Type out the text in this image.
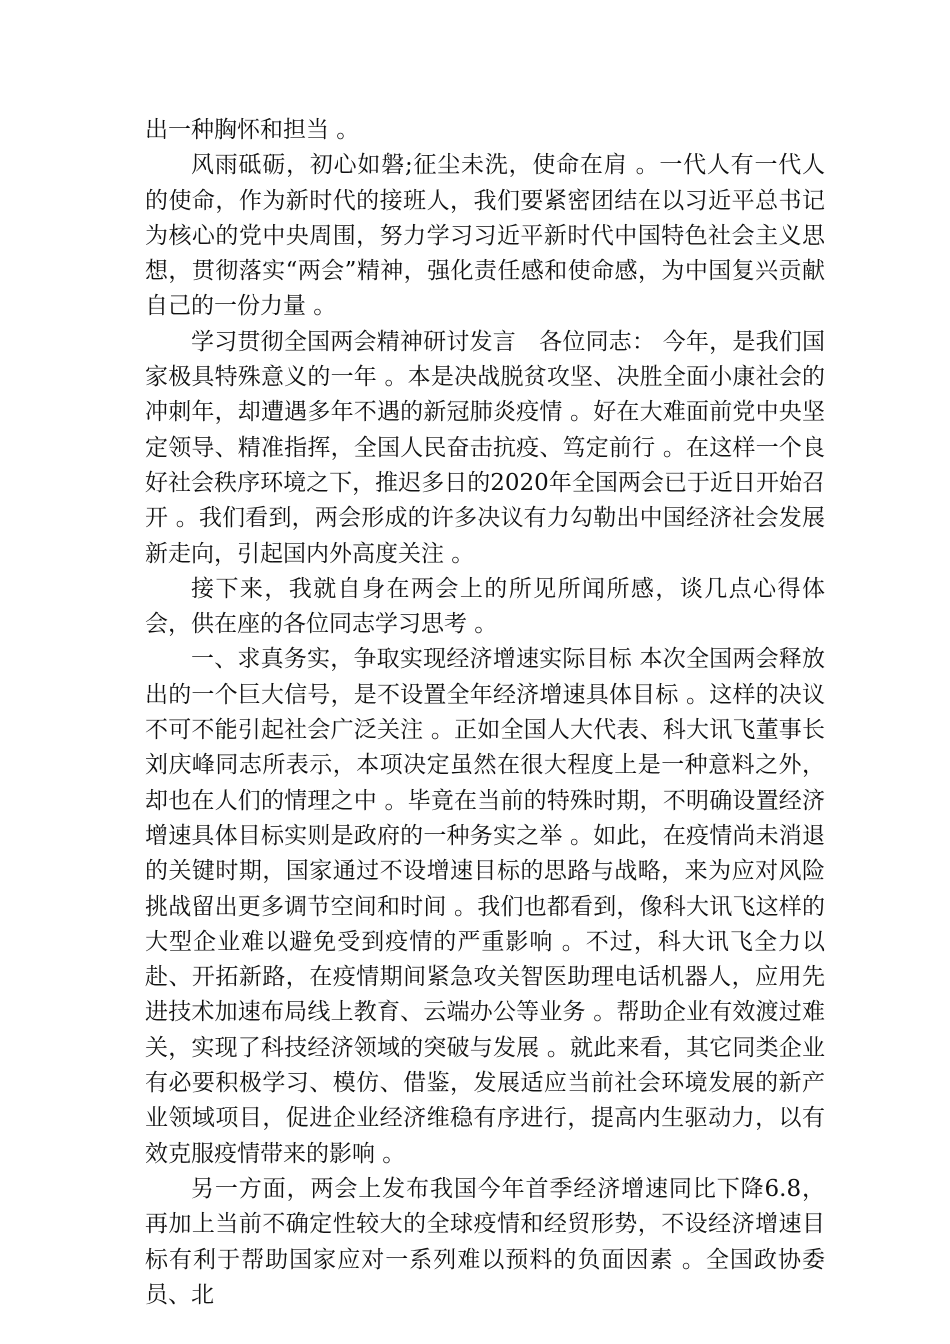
出一种胸怀和担当 。

风雨砥砺，初心如磐;征尘未洗，使命在肩 。一代人有一代人的使命，作为新时代的接班人，我们要紧密团结在以习近平总书记为核心的党中央周围，努力学习习近平新时代中国特色社会主义思想，贯彻落实“两会”精神，强化责任感和使命感，为中国复兴贡献自己的一份力量 。

学习贯彻全国两会精神研讨发言　各位同志： 今年，是我们国家极具特殊意义的一年 。本是决战脱贫攻坚、决胜全面小康社会的冲刺年，却遭遇多年不遇的新冠肺炎疫情 。好在大难面前党中央坚定领导、精准指挥，全国人民奋击抗疫、笃定前行 。在这样一个良好社会秩序环境之下，推迟多日的2020年全国两会已于近日开始召开 。我们看到，两会形成的许多决议有力勾勒出中国经济社会发展新走向，引起国内外高度关注 。

接下来，我就自身在两会上的所见所闻所感，谈几点心得体会，供在座的各位同志学习思考 。

一、求真务实，争取实现经济增速实际目标 本次全国两会释放出的一个巨大信号，是不设置全年经济增速具体目标 。这样的决议不可不能引起社会广泛关注 。正如全国人大代表、科大讯飞董事长刘庆峰同志所表示，本项决定虽然在很大程度上是一种意料之外，却也在人们的情理之中 。毕竟在当前的特殊时期，不明确设置经济增速具体目标实则是政府的一种务实之举 。如此，在疫情尚未消退的关键时期，国家通过不设增速目标的思路与战略，来为应对风险挑战留出更多调节空间和时间 。我们也都看到，像科大讯飞这样的大型企业难以避免受到疫情的严重影响 。不过，科大讯飞全力以赴、开拓新路，在疫情期间紧急攻关智医助理电话机器人，应用先进技术加速布局线上教育、云端办公等业务 。帮助企业有效渡过难关，实现了科技经济领域的突破与发展 。就此来看，其它同类企业有必要积极学习、模仿、借鉴，发展适应当前社会环境发展的新产业领域项目，促进企业经济维稳有序进行，提高内生驱动力，以有效克服疫情带来的影响 。

另一方面，两会上发布我国今年首季经济增速同比下降6.8，再加上当前不确定性较大的全球疫情和经贸形势，不设经济增速目标有利于帮助国家应对一系列难以预料的负面因素 。全国政协委员、北
